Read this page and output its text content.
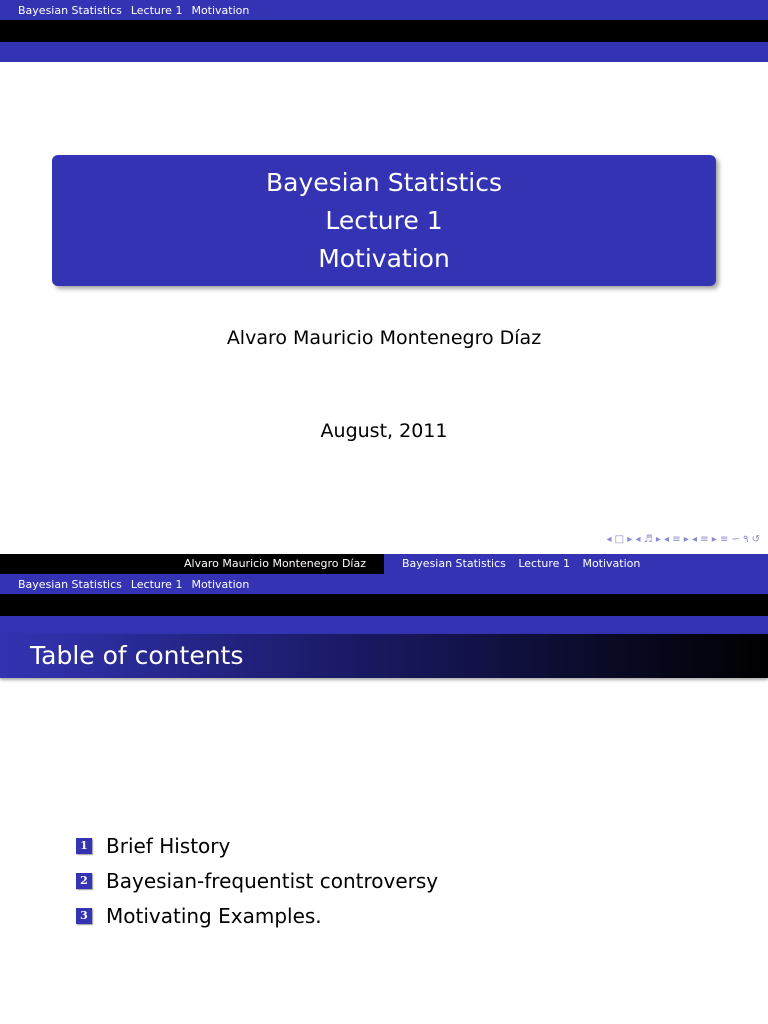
Bayesian Statistics Lecture 1 Motivation
Bayesian Statistics
Lecture 1
Motivation
Alvaro Mauricio Montenegro Díaz
August, 2011
◂ □ ▸ ◂ ♬ ▸ ◂ ≡ ▸ ◂ ≡ ▸ ≡ ∽ ۹ ↺
Alvaro Mauricio Montenegro Díaz	Bayesian Statistics Lecture 1 Motivation
Bayesian Statistics Lecture 1 Motivation
Table of contents
1 Brief History
2 Bayesian-frequentist controversy
3 Motivating Examples.
